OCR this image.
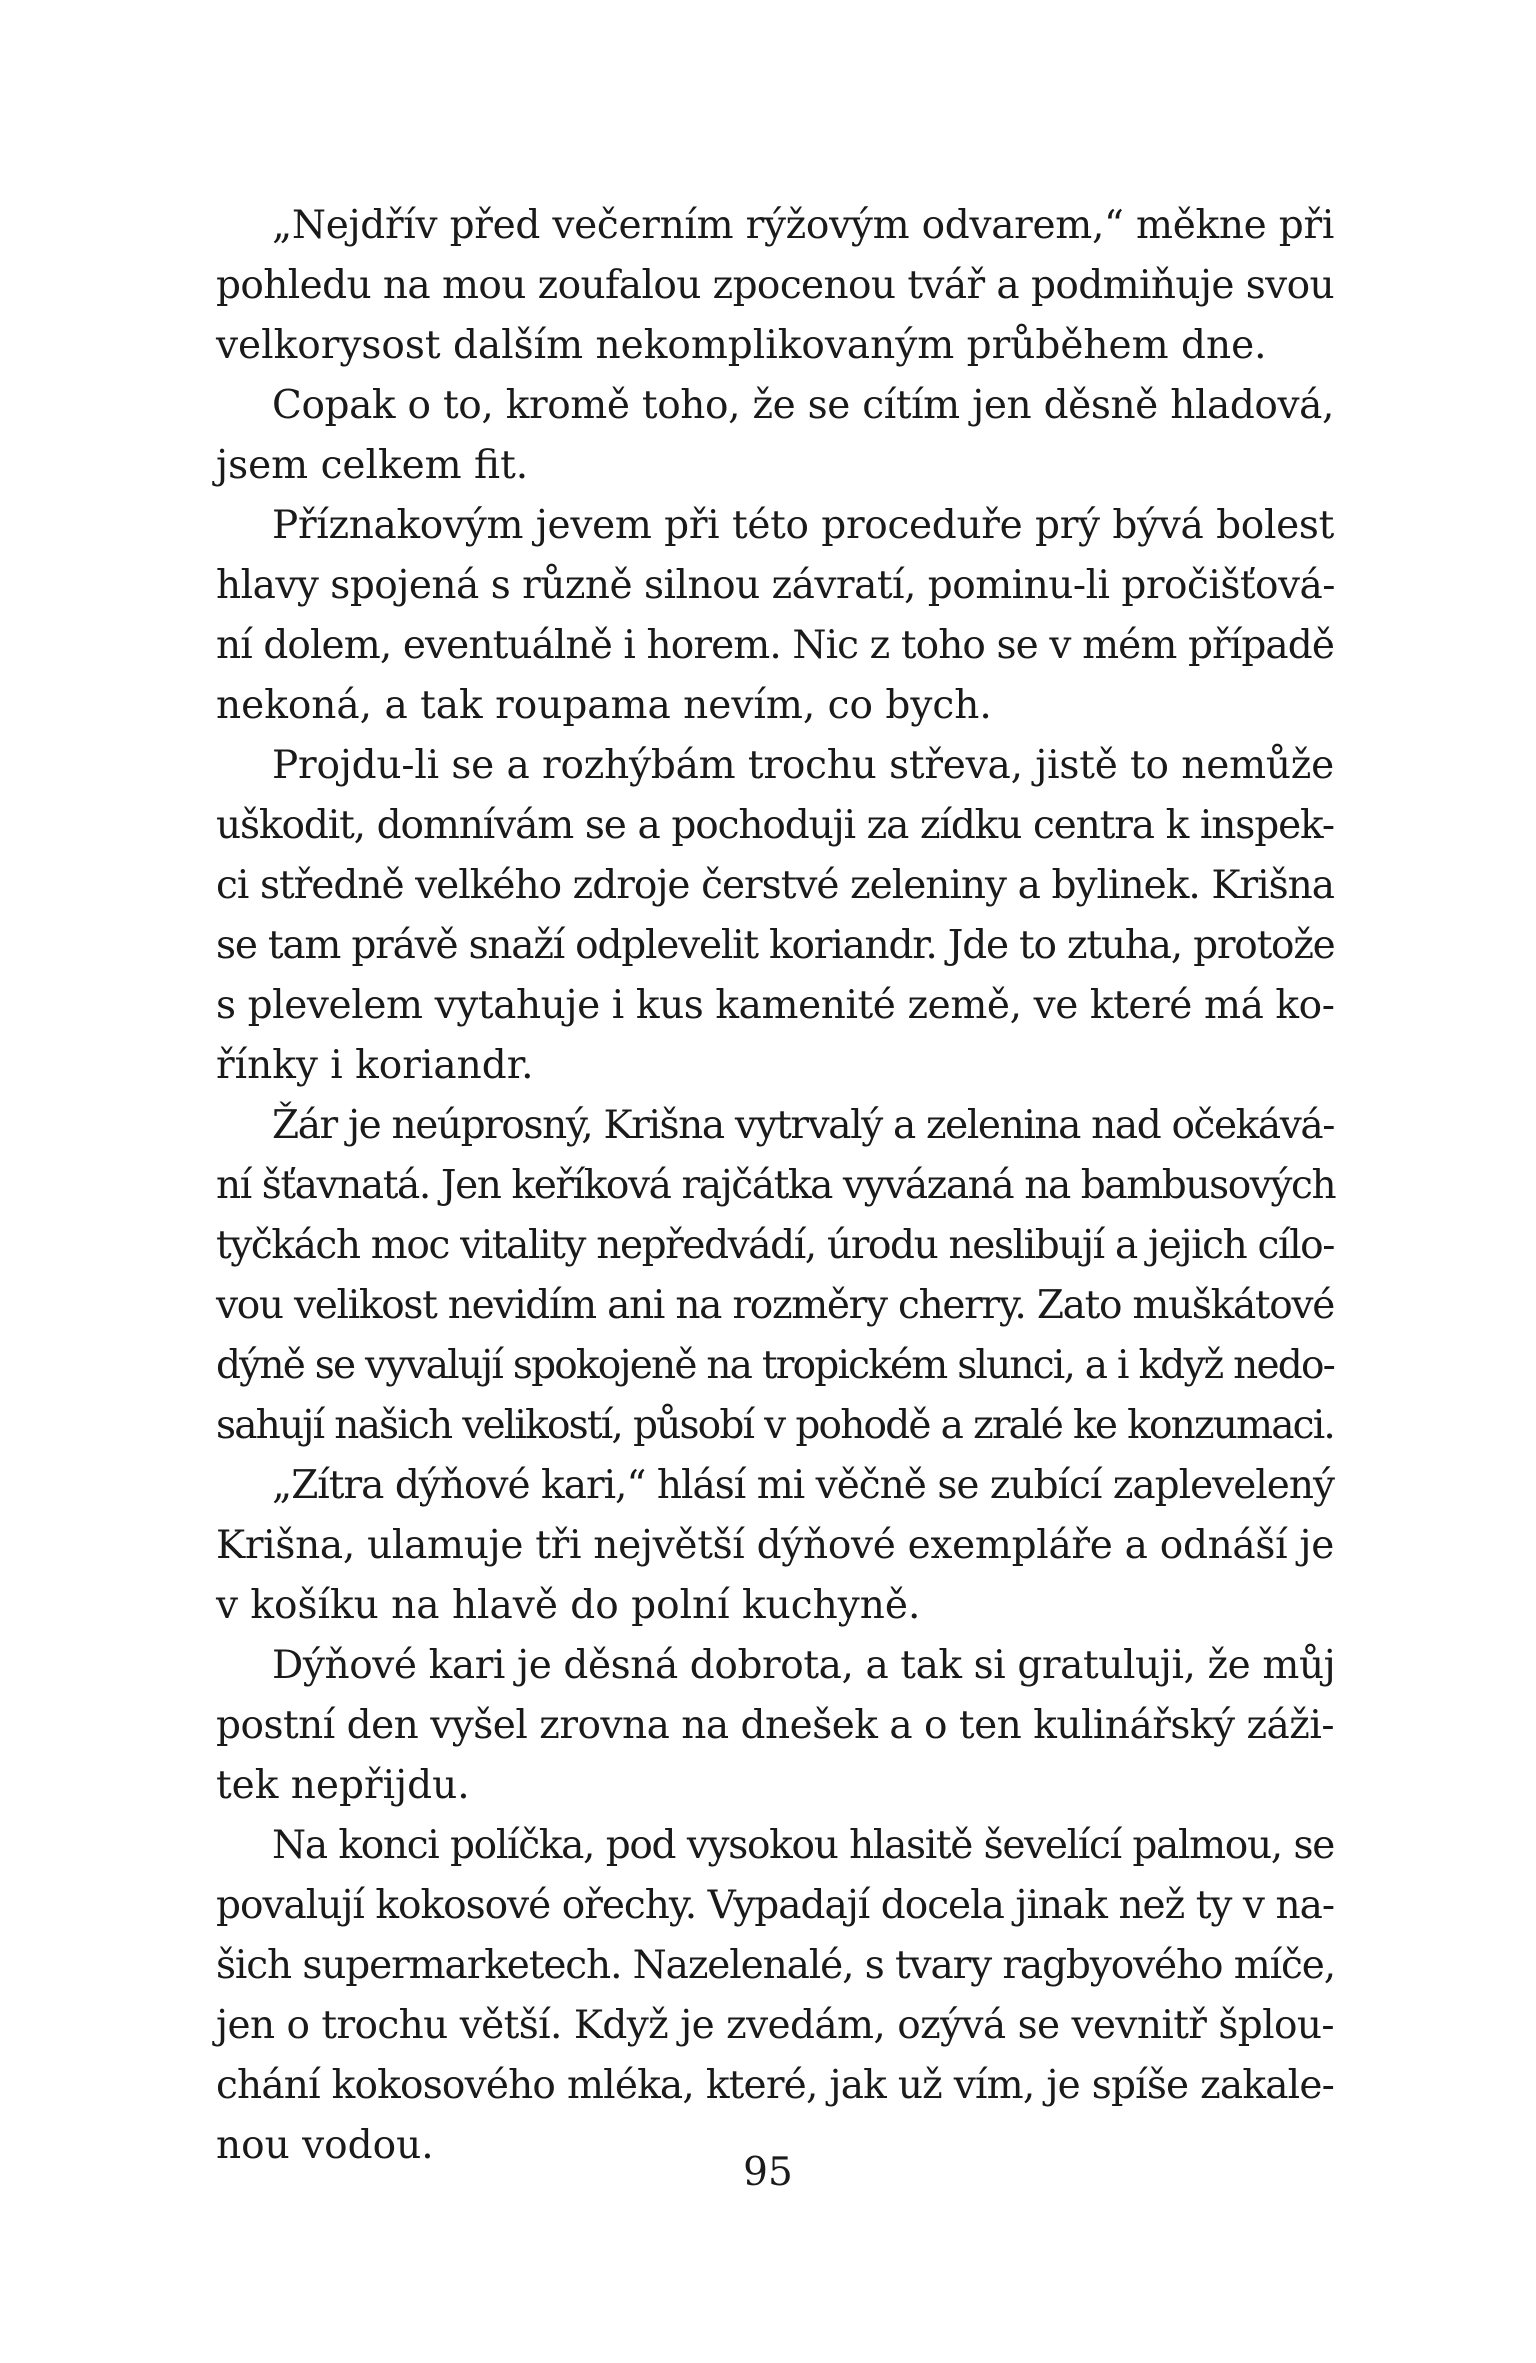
„Nejdřív před večerním rýžovým odvarem,“ měkne při
pohledu na mou zoufalou zpocenou tvář a podmiňuje svou
velkorysost dalším nekomplikovaným průběhem dne.
Copak o to, kromě toho, že se cítím jen děsně hladová,
jsem celkem fit.
Příznakovým jevem při této proceduře prý bývá bolest
hlavy spojená s různě silnou závratí, pominu-li pročišťová-
ní dolem, eventuálně i horem. Nic z toho se v mém případě
nekoná, a tak roupama nevím, co bych.
Projdu-li se a rozhýbám trochu střeva, jistě to nemůže
uškodit, domnívám se a pochoduji za zídku centra k inspek-
ci středně velkého zdroje čerstvé zeleniny a bylinek. Krišna
se tam právě snaží odplevelit koriandr. Jde to ztuha, protože
s plevelem vytahuje i kus kamenité země, ve které má ko-
řínky i koriandr.
Žár je neúprosný, Krišna vytrvalý a zelenina nad očekává-
ní šťavnatá. Jen keříková rajčátka vyvázaná na bambusových
tyčkách moc vitality nepředvádí, úrodu neslibují a jejich cílo-
vou velikost nevidím ani na rozměry cherry. Zato muškátové
dýně se vyvalují spokojeně na tropickém slunci, a i když nedo-
sahují našich velikostí, působí v pohodě a zralé ke konzumaci.
„Zítra dýňové kari,“ hlásí mi věčně se zubící zaplevelený
Krišna, ulamuje tři největší dýňové exempláře a odnáší je
v košíku na hlavě do polní kuchyně.
Dýňové kari je děsná dobrota, a tak si gratuluji, že můj
postní den vyšel zrovna na dnešek a o ten kulinářský záži-
tek nepřijdu.
Na konci políčka, pod vysokou hlasitě ševelící palmou, se
povalují kokosové ořechy. Vypadají docela jinak než ty v na-
šich supermarketech. Nazelenalé, s tvary ragbyového míče,
jen o trochu větší. Když je zvedám, ozývá se vevnitř šplou-
chání kokosového mléka, které, jak už vím, je spíše zakale-
nou vodou.
95
